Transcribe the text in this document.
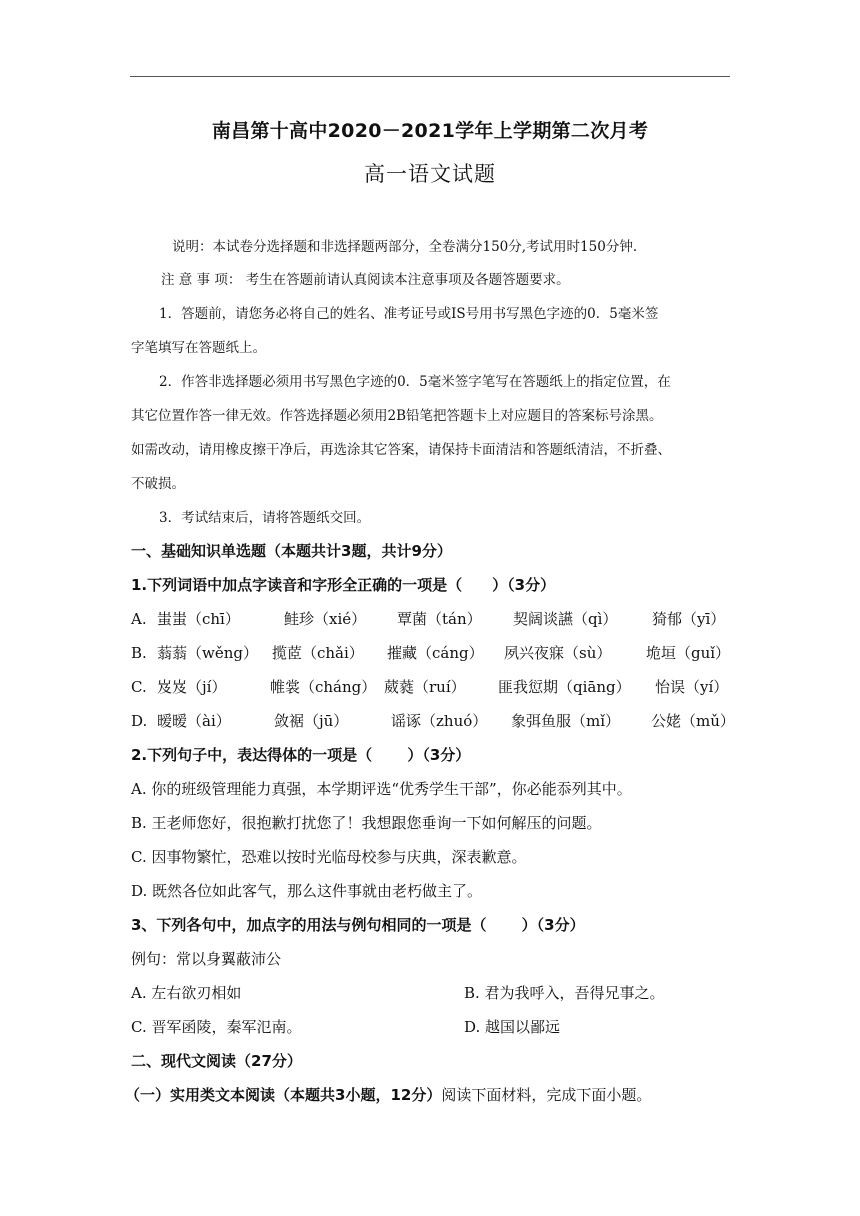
南昌第十高中2020－2021学年上学期第二次月考
高一语文试题
说明：本试卷分选择题和非选择题两部分，全卷满分150分,考试用时150分钟.
注 意 事 项： 考生在答题前请认真阅读本注意事项及各题答题要求。
1．答题前，请您务必将自己的姓名、准考证号或IS号用书写黑色字迹的0．5毫米签
字笔填写在答题纸上。
2．作答非选择题必须用书写黑色字迹的0．5毫米签字笔写在答题纸上的指定位置，在
其它位置作答一律无效。作答选择题必须用2B铅笔把答题卡上对应题目的答案标号涂黑。
如需改动，请用橡皮擦干净后，再选涂其它答案，请保持卡面清洁和答题纸清洁，不折叠、
不破损。
3．考试结束后，请将答题纸交回。
一、基础知识单选题（本题共计3题，共计9分）
1.下列词语中加点字读音和字形全正确的一项是（　　）（3分）
A. 蚩蚩（chī）	鲑珍（xié） 覃菌（tán） 契阔谈讌（qì） 猗郁（yī）
B. 蓊蓊（wěng） 揽茝（chǎi） 摧藏（cáng） 夙兴夜寐（sù） 垝垣（guǐ）
C. 岌岌（jí）	帷裳（cháng） 葳蕤（ruí） 匪我愆期（qiāng） 怡误（yí）
D. 暧暧（ài）	敛裾（jū）	谣诼（zhuó） 象弭鱼服（mǐ） 公姥（mǔ）
2.下列句子中，表达得体的一项是（　　 ）（3分）
A. 你的班级管理能力真强，本学期评选“优秀学生干部”，你必能忝列其中。
B. 王老师您好，很抱歉打扰您了！我想跟您垂询一下如何解压的问题。
C. 因事物繁忙，恐难以按时光临母校参与庆典，深表歉意。
D. 既然各位如此客气，那么这件事就由老朽做主了。
3、下列各句中，加点字的用法与例句相同的一项是（　　 ）（3分）
例句：常以身翼蔽沛公
A. 左右欲刃相如	B. 君为我呼入，吾得兄事之。
C. 晋军函陵，秦军氾南。	D. 越国以鄙远
二、现代文阅读（27分）
（一）实用类文本阅读（本题共3小题，12分）阅读下面材料，完成下面小题。
